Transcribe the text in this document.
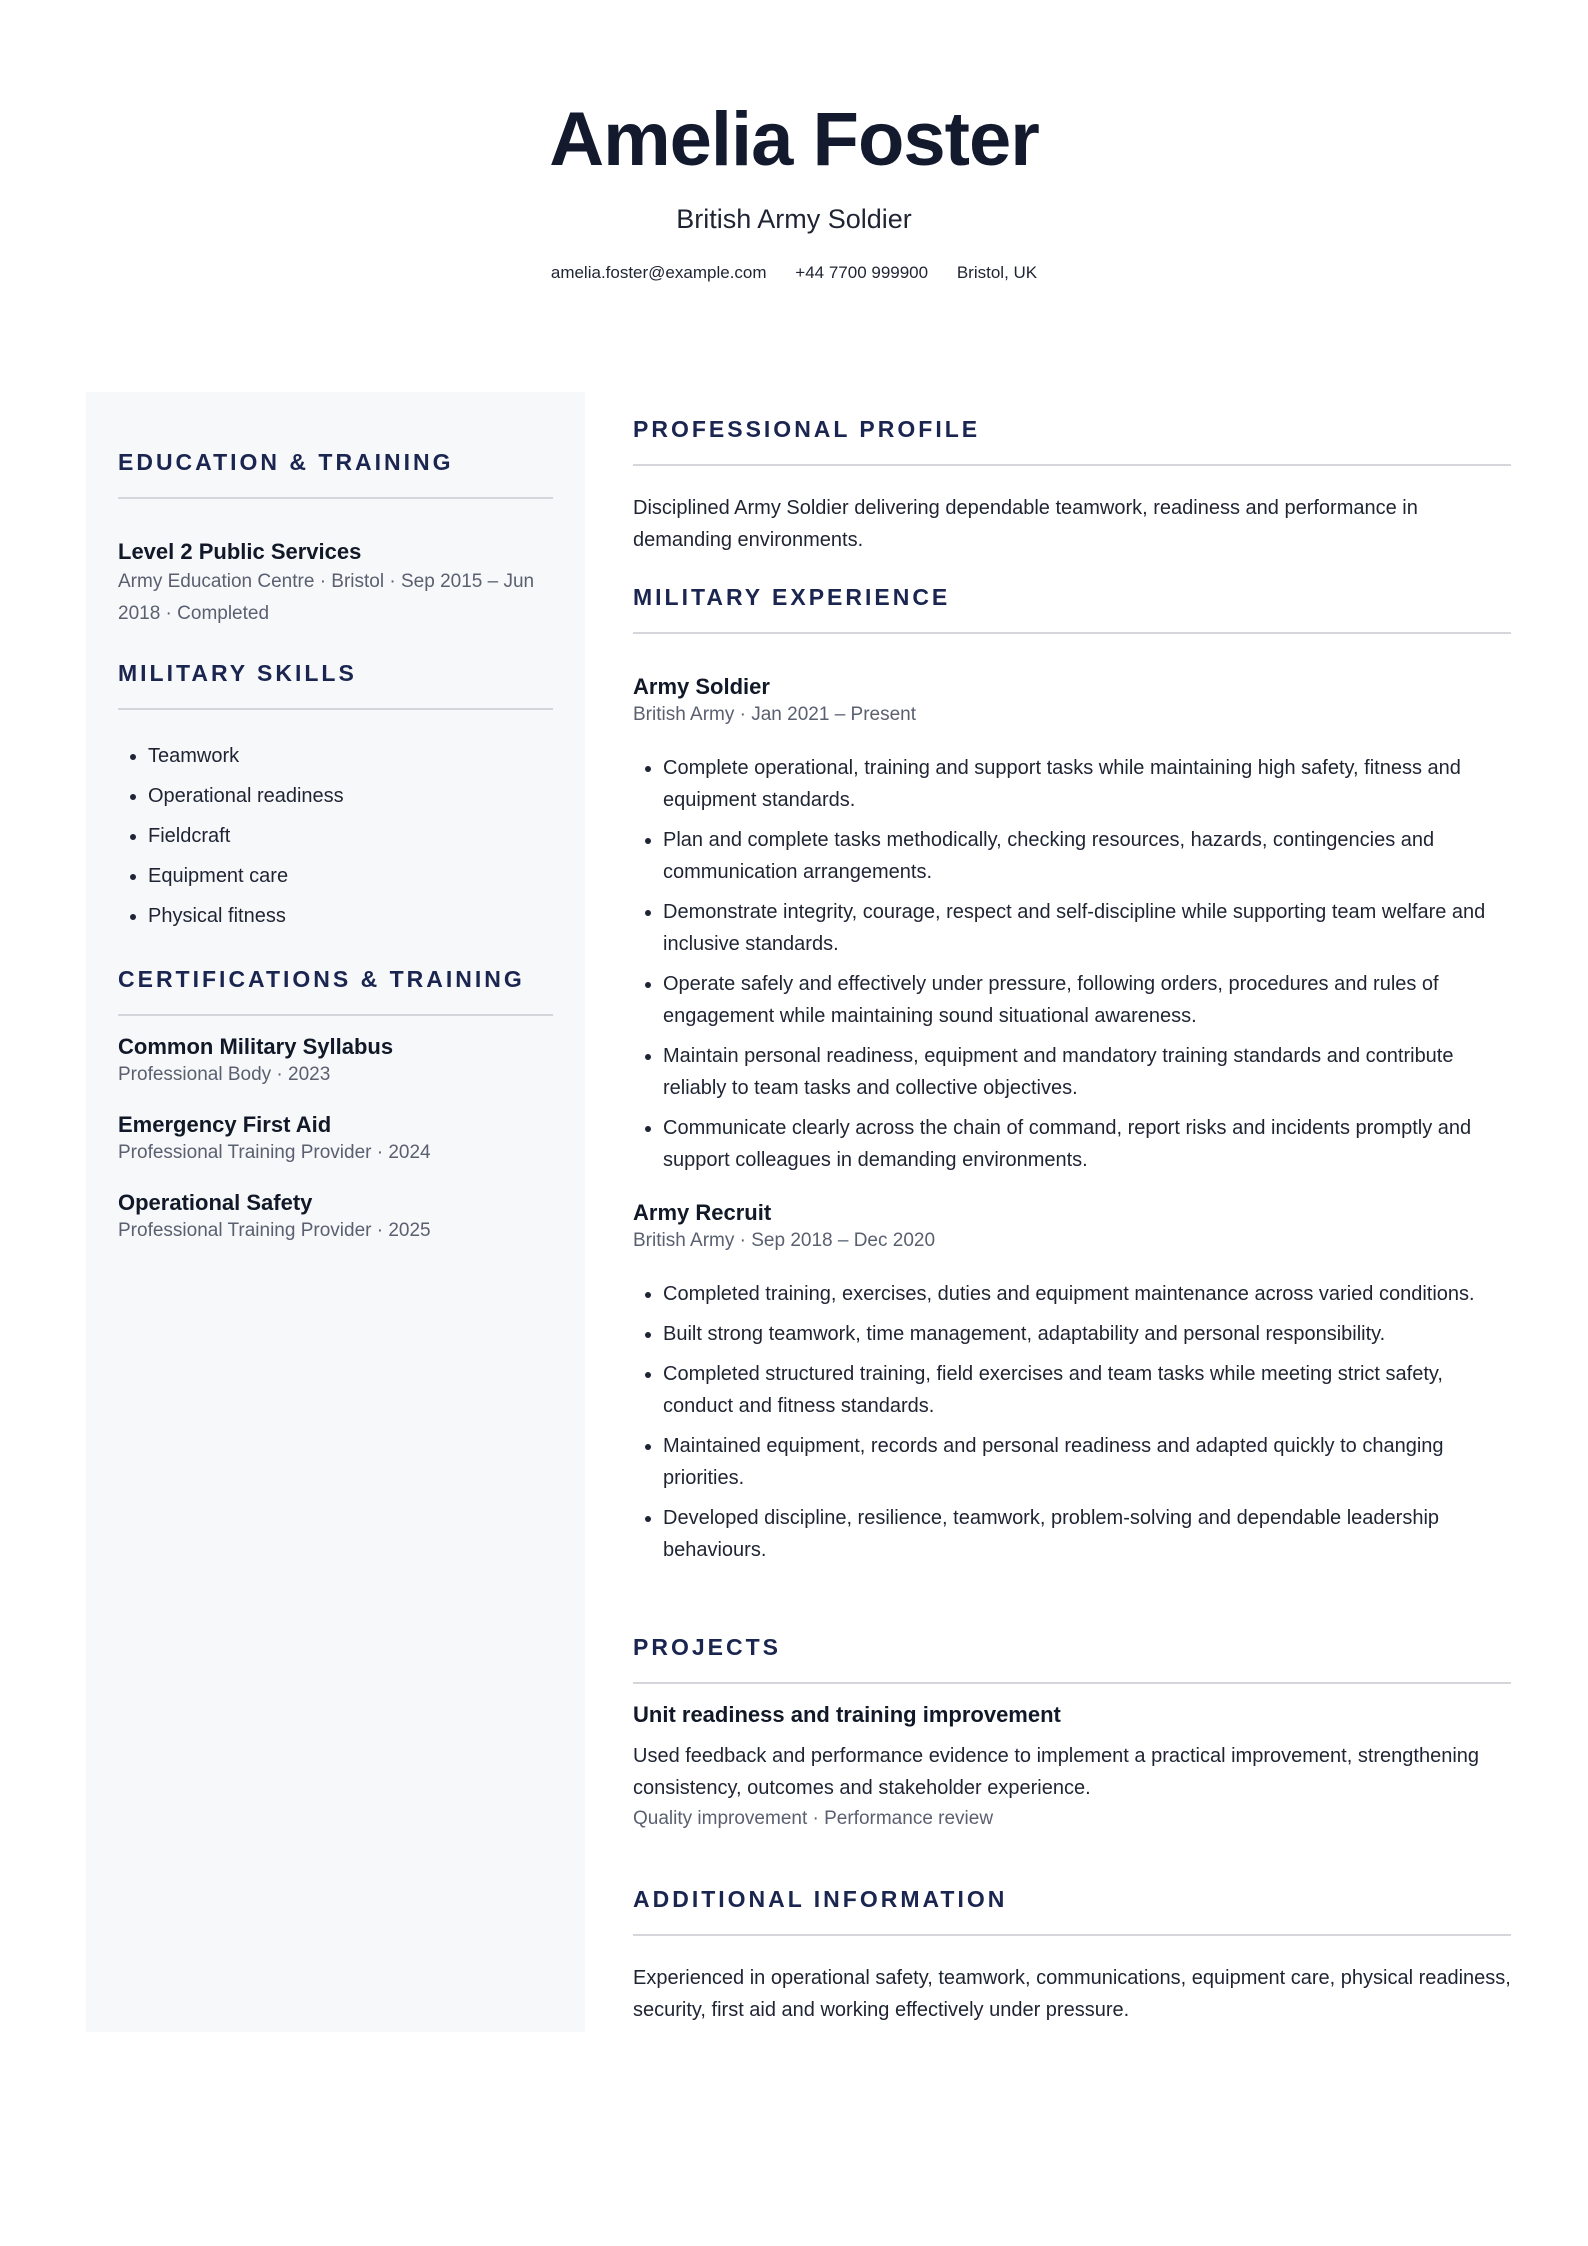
Amelia Foster
British Army Soldier
amelia.foster@example.com +44 7700 999900 Bristol, UK
EDUCATION & TRAINING
Level 2 Public Services
Army Education Centre · Bristol · Sep 2015 – Jun 2018 · Completed
MILITARY SKILLS
• Teamwork
• Operational readiness
• Fieldcraft
• Equipment care
• Physical fitness
CERTIFICATIONS & TRAINING
Common Military Syllabus
Professional Body · 2023
Emergency First Aid
Professional Training Provider · 2024
Operational Safety
Professional Training Provider · 2025
PROFESSIONAL PROFILE
Disciplined Army Soldier delivering dependable teamwork, readiness and performance in demanding environments.
MILITARY EXPERIENCE
Army Soldier
British Army · Jan 2021 – Present
• Complete operational, training and support tasks while maintaining high safety, fitness and equipment standards.
• Plan and complete tasks methodically, checking resources, hazards, contingencies and communication arrangements.
• Demonstrate integrity, courage, respect and self-discipline while supporting team welfare and inclusive standards.
• Operate safely and effectively under pressure, following orders, procedures and rules of engagement while maintaining sound situational awareness.
• Maintain personal readiness, equipment and mandatory training standards and contribute reliably to team tasks and collective objectives.
• Communicate clearly across the chain of command, report risks and incidents promptly and support colleagues in demanding environments.
Army Recruit
British Army · Sep 2018 – Dec 2020
• Completed training, exercises, duties and equipment maintenance across varied conditions.
• Built strong teamwork, time management, adaptability and personal responsibility.
• Completed structured training, field exercises and team tasks while meeting strict safety, conduct and fitness standards.
• Maintained equipment, records and personal readiness and adapted quickly to changing priorities.
• Developed discipline, resilience, teamwork, problem-solving and dependable leadership behaviours.
PROJECTS
Unit readiness and training improvement
Used feedback and performance evidence to implement a practical improvement, strengthening consistency, outcomes and stakeholder experience.
Quality improvement · Performance review
ADDITIONAL INFORMATION
Experienced in operational safety, teamwork, communications, equipment care, physical readiness, security, first aid and working effectively under pressure.
